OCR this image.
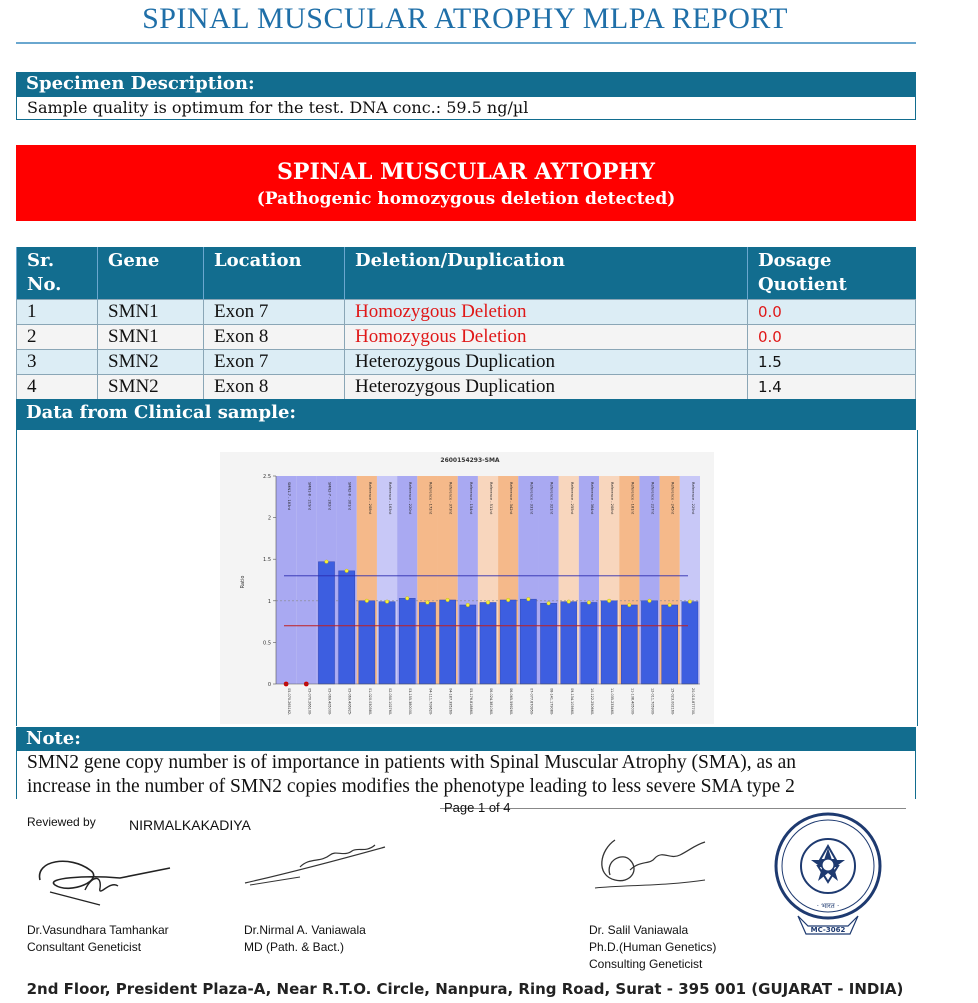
SPINAL MUSCULAR ATROPHY MLPA REPORT
Specimen Description:
Sample quality is optimum for the test. DNA conc.: 59.5 ng/µl
SPINAL MUSCULAR AYTOPHY
(Pathogenic homozygous deletion detected)
Sr. No.	Gene	Location	Deletion/Duplication	Dosage Quotient
1	SMN1	Exon 7	Homozygous Deletion	0.0
2	SMN1	Exon 8	Homozygous Deletion	0.0
3	SMN2	Exon 7	Heterozygous Duplication	1.5
4	SMN2	Exon 8	Heterozygous Duplication	1.4
Data from Clinical sample:
2600154293-SMA
Ratio
SMN1-7 - 183nt
05-070.265162-
SMN1-8 - 219nt
05-070.266100-
SMN2-7 - 282nt
05-069.405000-
SMN2-8 - 301nt
05-069.406925-
Reference - 208nt
01-020.030380-
Reference - 163nt
02-050.102760-
Reference - 220nt
03-155.380000-
Reference - 172nt
04-111.709620-
Reference - 373nt
04-187.395260-
Reference - 154nt
05-176.818860-
Reference - 511nt
06-024.381060-
Reference - 342nt
06-065.599260-
Reference - 331nt
07-077.870950-
Reference - 321nt
08-141.179080-
Reference - 255nt
09-134.103660-
Reference - 364nt
10-122.250660-
Reference - 208nt
11-035.233460-
Reference - 181nt
11-108.405000-
Reference - 227nt
12-011.705900-
Reference - 245nt
15-023.002160-
Reference - 229nt
20-010.877700-
0
0.5
1
1.5
2
2.5
Note:
SMN2 gene copy number is of importance in patients with Spinal Muscular Atrophy (SMA), as an
increase in the number of SMN2 copies modifies the phenotype leading to less severe SMA type 2
Page 1 of 4
Reviewed by NIRMALKAKADIYA
Dr.Vasundhara Tamhankar
Consultant Geneticist
Dr.Nirmal A. Vaniawala
MD (Path. & Bact.)
Dr. Salil Vaniawala
Ph.D.(Human Genetics)
Consulting Geneticist
· भारत ·
MC-3062
2nd Floor, President Plaza-A, Near R.T.O. Circle, Nanpura, Ring Road, Surat - 395 001 (GUJARAT - INDIA)
